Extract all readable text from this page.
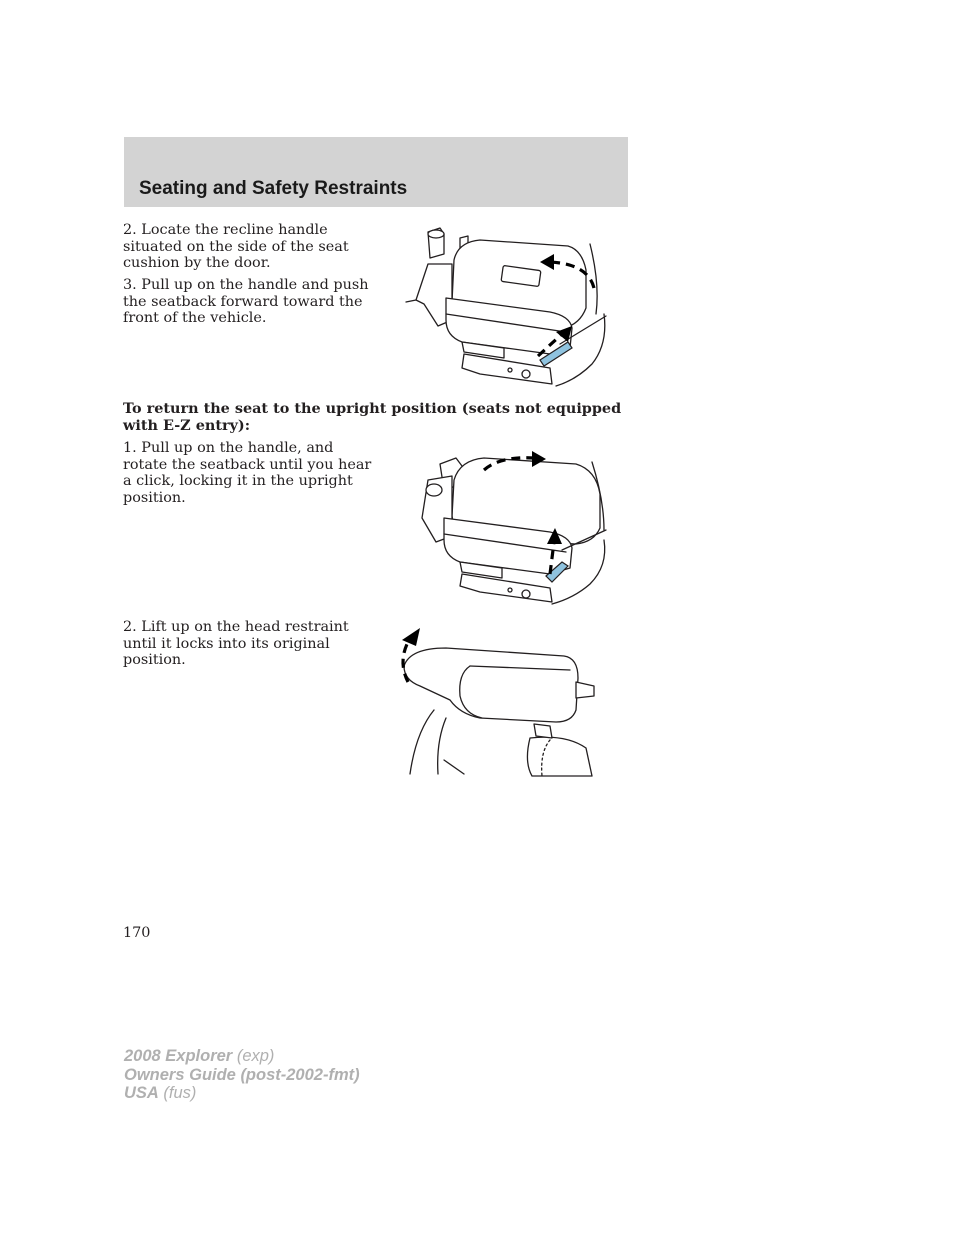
Seating and Safety Restraints

2. Locate the recline handle situated on the side of the seat cushion by the door.

3. Pull up on the handle and push the seatback forward toward the front of the vehicle.

To return the seat to the upright position (seats not equipped with E-Z entry):

1. Pull up on the handle, and rotate the seatback until you hear a click, locking it in the upright position.

2. Lift up on the head restraint until it locks into its original position.

170
2008 Explorer (exp)
Owners Guide (post-2002-fmt)
USA (fus)
